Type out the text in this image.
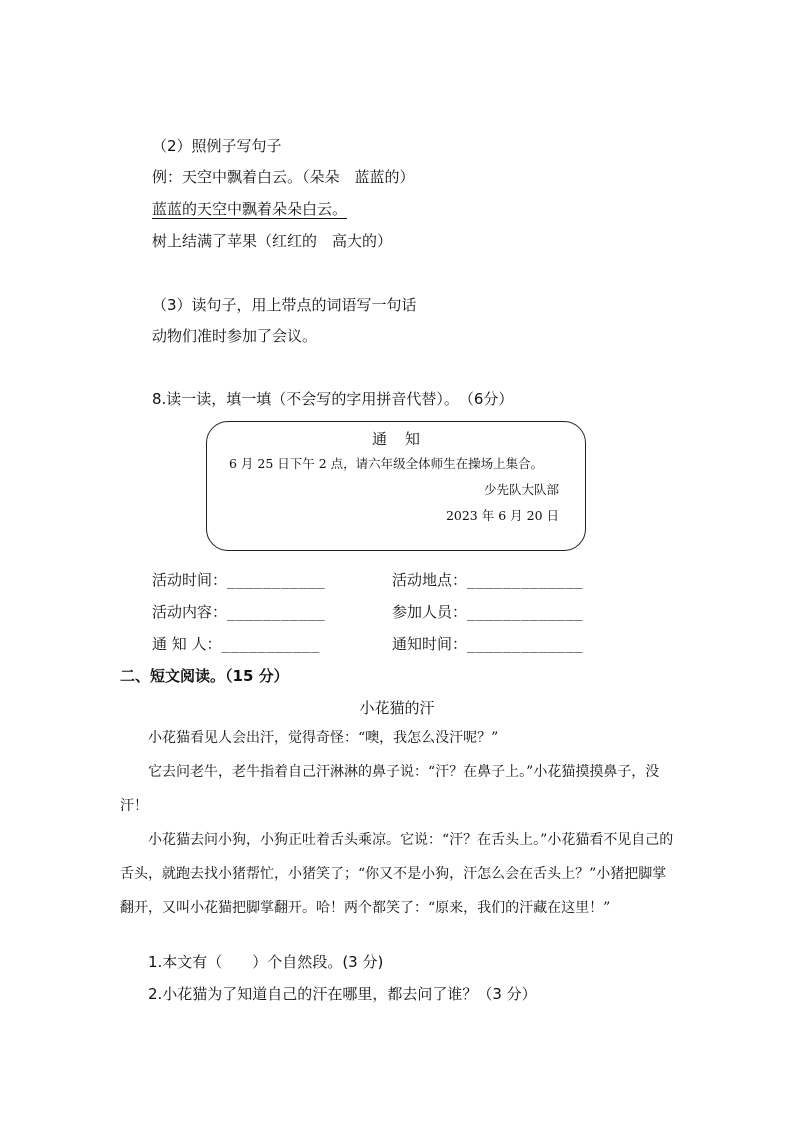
（2）照例子写句子
例：天空中飘着白云。（朵朵　蓝蓝的）
蓝蓝的天空中飘着朵朵白云。
树上结满了苹果（红红的　高大的）
（3）读句子，用上带点的词语写一句话
动物们准时参加了会议。
8.读一读，填一填（不会写的字用拼音代替）。　（6分）
通知
6 月 25 日下午 2 点，请六年级全体师生在操场上集合。
少先队大队部
2023 年 6 月 20 日
活动时间：___________	活动地点：_____________
活动内容：___________	参加人员：_____________
通 知 人：___________	通知时间：_____________
二、短文阅读。（15 分）
小花猫的汗
小花猫看见人会出汗，觉得奇怪：“噢，我怎么没汗呢？”
它去问老牛，老牛指着自己汗淋淋的鼻子说：“汗？在鼻子上。”小花猫摸摸鼻子，没汗！
小花猫去问小狗，小狗正吐着舌头乘凉。它说：“汗？在舌头上。”小花猫看不见自己的舌头，就跑去找小猪帮忙，小猪笑了；“你又不是小狗，汗怎么会在舌头上？”小猪把脚掌翻开，又叫小花猫把脚掌翻开。哈！两个都笑了：“原来，我们的汗藏在这里！”
1.本文有（　　）个自然段。(3 分)
2.小花猫为了知道自己的汗在哪里，都去问了谁？（3 分）
